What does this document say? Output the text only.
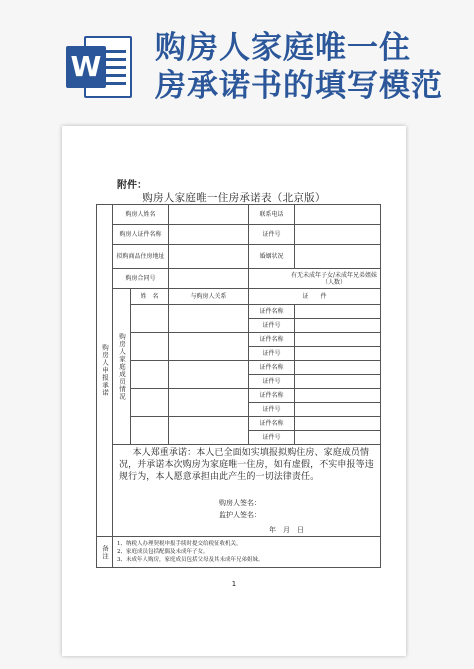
W
购房人家庭唯一住
房承诺书的填写模范
附件：
购房人家庭唯一住房承诺表（北京版）
购房人申报承诺	购房人姓名			联系电话	
	购房人证件名称			证件号	
	拟购商品住房地址			婚姻状况	
	购房合同号			有无未成年子女/未成年兄弟姐妹（人数）	
	购房人家庭成员情况	姓　名	与购房人关系	证　　件	
				证件名称	
				证件号	
				证件名称	
				证件号	
				证件名称	
				证件号	
				证件名称	
				证件号	
				证件名称	
				证件号	

	本人郑重承诺：本人已全面如实填报拟购住房、家庭成员情况，并承诺本次购房为家庭唯一住房，如有虚假，不实申报等违规行为，本人愿意承担由此产生的一切法律责任。
购房人签名：
监护人签名：
年　月　日				

备注	1、纳税人办理契税申报手续时提交给税征收机关。
2、家庭成员包括配偶及未成年子女。
3、未成年人购房，家庭成员包括父母及其未成年兄弟姐妹。				
1
